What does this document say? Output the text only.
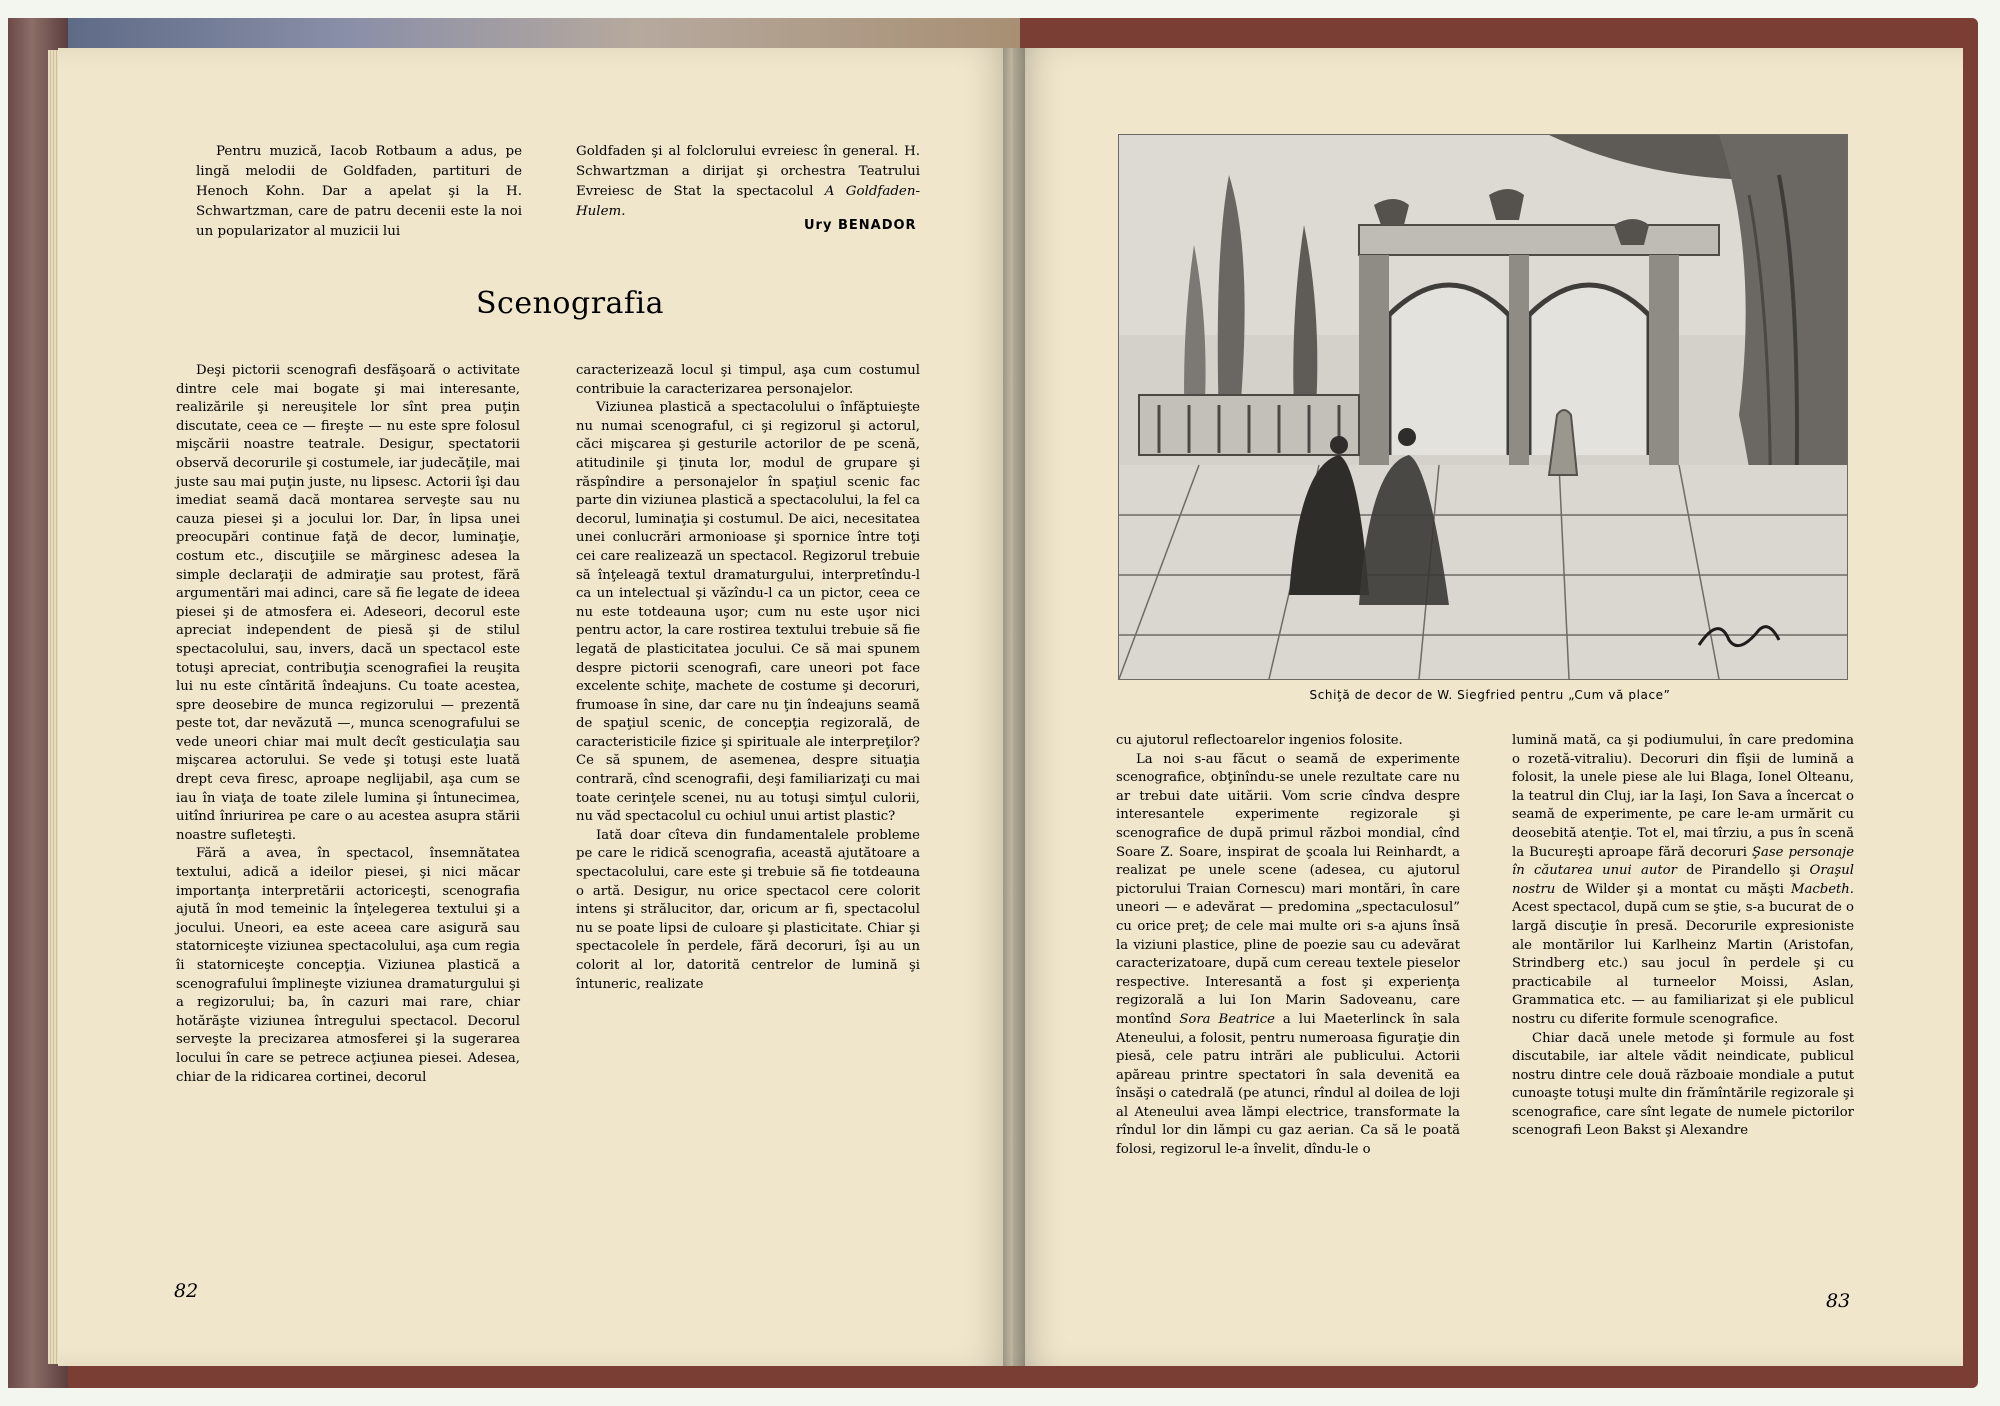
Pentru muzică, Iacob Rotbaum a adus, pe lingă melodii de Goldfaden, partituri de Henoch Kohn. Dar a apelat şi la H. Schwartzman, care de patru decenii este la noi un popularizator al muzicii lui

Goldfaden şi al folclorului evreiesc în general. H. Schwartzman a dirijat şi orchestra Teatrului Evreiesc de Stat la spectacolul A Goldfaden-Hulem.

Ury BENADOR
Scenografia

Deşi pictorii scenografi desfăşoară o activitate dintre cele mai bogate şi mai interesante, realizările şi nereuşitele lor sînt prea puţin discutate, ceea ce — fireşte — nu este spre folosul mişcării noastre teatrale. Desigur, spectatorii observă decorurile şi costumele, iar judecăţile, mai juste sau mai puţin juste, nu lipsesc. Actorii îşi dau imediat seamă dacă montarea serveşte sau nu cauza piesei şi a jocului lor. Dar, în lipsa unei preocupări continue faţă de decor, luminaţie, costum etc., discuţiile se mărginesc adesea la simple declaraţii de admiraţie sau protest, fără argumentări mai adinci, care să fie legate de ideea piesei şi de atmosfera ei. Adeseori, decorul este apreciat independent de piesă şi de stilul spectacolului, sau, invers, dacă un spectacol este totuşi apreciat, contribuţia scenografiei la reuşita lui nu este cîntărită îndeajuns. Cu toate acestea, spre deosebire de munca regizorului — prezentă peste tot, dar nevăzută —, munca scenografului se vede uneori chiar mai mult decît gesticulaţia sau mişcarea actorului. Se vede şi totuşi este luată drept ceva firesc, aproape neglijabil, aşa cum se iau în viaţa de toate zilele lumina şi întunecimea, uitînd înriurirea pe care o au acestea asupra stării noastre sufleteşti.

Fără a avea, în spectacol, însemnătatea textului, adică a ideilor piesei, şi nici măcar importanţa interpretării actoriceşti, scenografia ajută în mod temeinic la înţelegerea textului şi a jocului. Uneori, ea este aceea care asigură sau statorniceşte viziunea spectacolului, aşa cum regia îi statorniceşte concepţia. Viziunea plastică a scenografului împlineşte viziunea dramaturgului şi a regizorului; ba, în cazuri mai rare, chiar hotărăşte viziunea întregului spectacol. Decorul serveşte la precizarea atmosferei şi la sugerarea locului în care se petrece acţiunea piesei. Adesea, chiar de la ridicarea cortinei, decorul

caracterizează locul şi timpul, aşa cum costumul contribuie la caracterizarea personajelor.

Viziunea plastică a spectacolului o înfăptuieşte nu numai scenograful, ci şi regizorul şi actorul, căci mişcarea şi gesturile actorilor de pe scenă, atitudinile şi ţinuta lor, modul de grupare şi răspîndire a personajelor în spaţiul scenic fac parte din viziunea plastică a spectacolului, la fel ca decorul, luminaţia şi costumul. De aici, necesitatea unei conlucrări armonioase şi spornice între toţi cei care realizează un spectacol. Regizorul trebuie să înţeleagă textul dramaturgului, interpretîndu-l ca un intelectual şi văzîndu-l ca un pictor, ceea ce nu este totdeauna uşor; cum nu este uşor nici pentru actor, la care rostirea textului trebuie să fie legată de plasticitatea jocului. Ce să mai spunem despre pictorii scenografi, care uneori pot face excelente schiţe, machete de costume şi decoruri, frumoase în sine, dar care nu ţin îndeajuns seamă de spaţiul scenic, de concepţia regizorală, de caracteristicile fizice şi spirituale ale interpreţilor? Ce să spunem, de asemenea, despre situaţia contrară, cînd scenografii, deşi familiarizaţi cu mai toate cerinţele scenei, nu au totuşi simţul culorii, nu văd spectacolul cu ochiul unui artist plastic?

Iată doar cîteva din fundamentalele probleme pe care le ridică scenografia, această ajutătoare a spectacolului, care este şi trebuie să fie totdeauna o artă. Desigur, nu orice spectacol cere colorit intens şi strălucitor, dar, oricum ar fi, spectacolul nu se poate lipsi de culoare şi plasticitate. Chiar şi spectacolele în perdele, fără decoruri, îşi au un colorit al lor, datorită centrelor de lumină şi întuneric, realizate

82
Schiţă de decor de W. Siegfried pentru „Cum vă place”

cu ajutorul reflectoarelor ingenios folosite.

La noi s-au făcut o seamă de experimente scenografice, obţinîndu-se unele rezultate care nu ar trebui date uitării. Vom scrie cîndva despre interesantele experimente regizorale şi scenografice de după primul război mondial, cînd Soare Z. Soare, inspirat de şcoala lui Reinhardt, a realizat pe unele scene (adesea, cu ajutorul pictorului Traian Cornescu) mari montări, în care uneori — e adevărat — predomina „spectaculosul” cu orice preţ; de cele mai multe ori s-a ajuns însă la viziuni plastice, pline de poezie sau cu adevărat caracterizatoare, după cum cereau textele pieselor respective. Interesantă a fost şi experienţa regizorală a lui Ion Marin Sadoveanu, care montînd Sora Beatrice a lui Maeterlinck în sala Ateneului, a folosit, pentru numeroasa figuraţie din piesă, cele patru intrări ale publicului. Actorii apăreau printre spectatori în sala devenită ea însăşi o catedrală (pe atunci, rîndul al doilea de loji al Ateneului avea lămpi electrice, transformate la rîndul lor din lămpi cu gaz aerian. Ca să le poată folosi, regizorul le-a învelit, dîndu-le o

lumină mată, ca şi podiumului, în care predomina o rozetă-vitraliu). Decoruri din fîşii de lumină a folosit, la unele piese ale lui Blaga, Ionel Olteanu, la teatrul din Cluj, iar la Iaşi, Ion Sava a încercat o seamă de experimente, pe care le-am urmărit cu deosebită atenţie. Tot el, mai tîrziu, a pus în scenă la Bucureşti aproape fără decoruri Şase personaje în căutarea unui autor de Pirandello şi Oraşul nostru de Wilder şi a montat cu măşti Macbeth. Acest spectacol, după cum se ştie, s-a bucurat de o largă discuţie în presă. Decorurile expresioniste ale montărilor lui Karlheinz Martin (Aristofan, Strindberg etc.) sau jocul în perdele şi cu practicabile al turneelor Moissi, Aslan, Grammatica etc. — au familiarizat şi ele publicul nostru cu diferite formule scenografice.

Chiar dacă unele metode şi formule au fost discutabile, iar altele vădit neindicate, publicul nostru dintre cele două războaie mondiale a putut cunoaşte totuşi multe din frămîntările regizorale şi scenografice, care sînt legate de numele pictorilor scenografi Leon Bakst şi Alexandre

83
